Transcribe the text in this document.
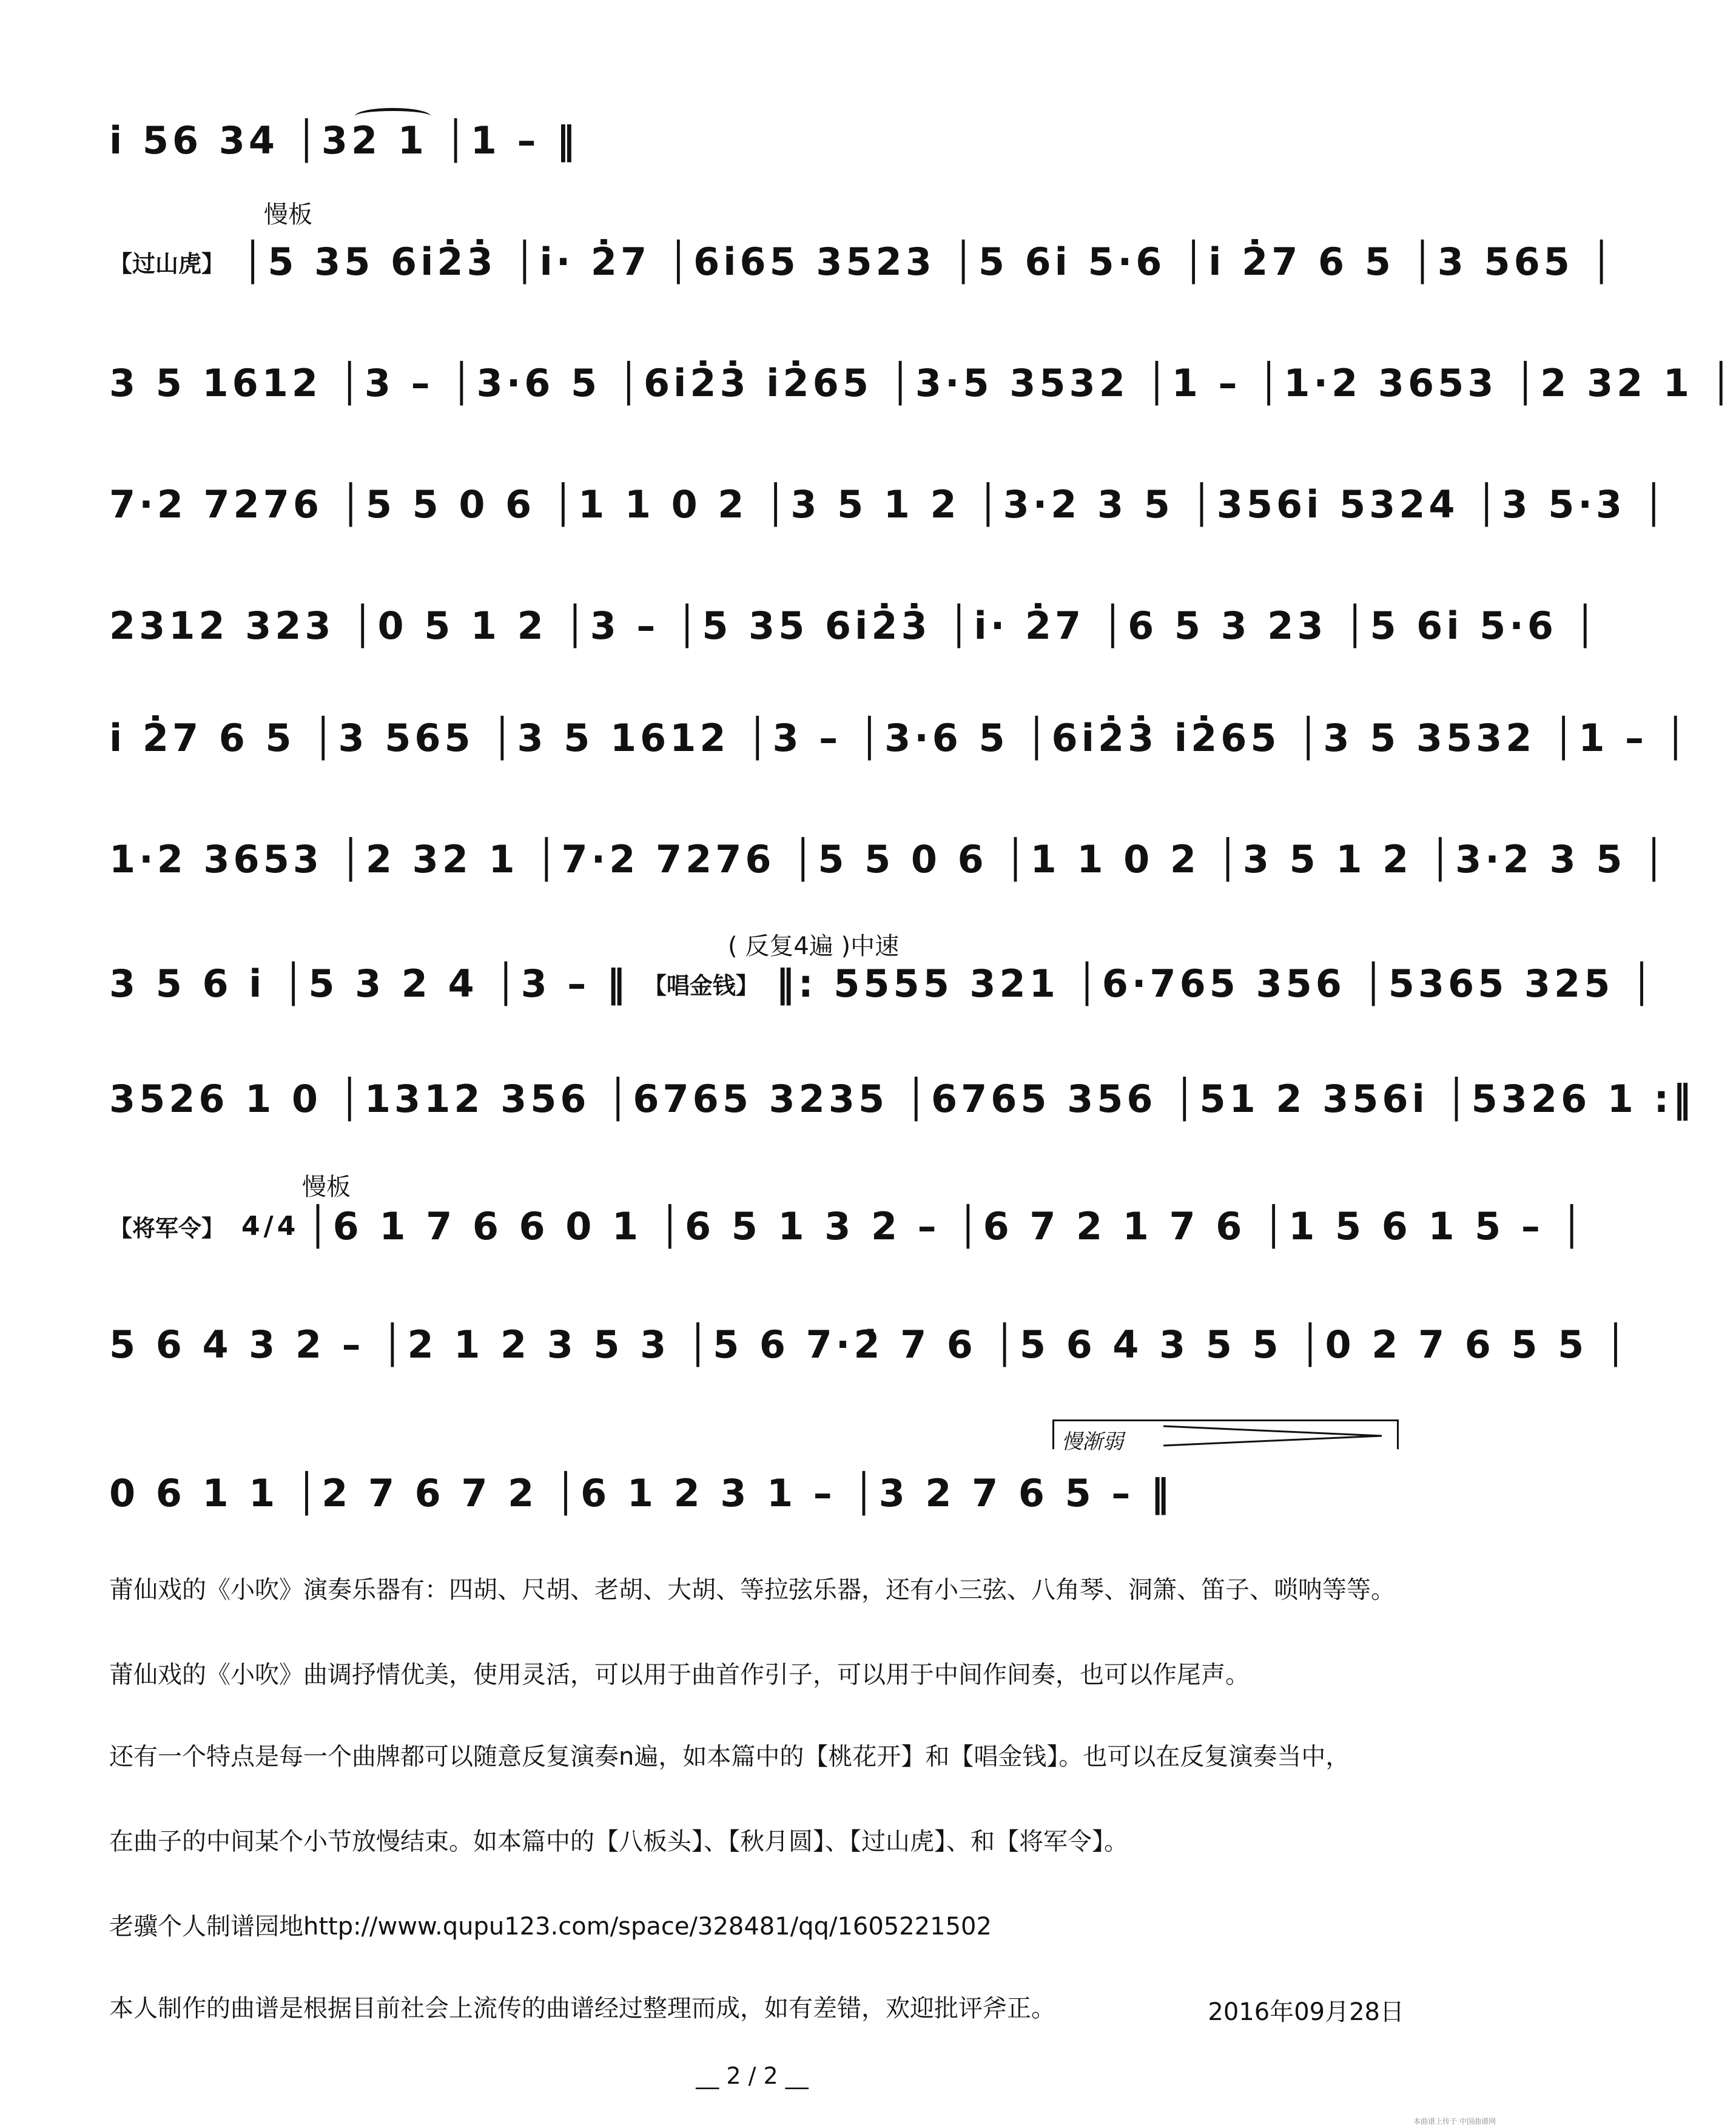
i 56 34 │32 1 │1 – ‖
慢板
【过山虎】 │5 35 6i2̇3̇ │i· 2̇7 │6i65 3523 │5 6i 5·6 │i 2̇7 6 5 │3 565 │
3 5 1612 │3 – │3·6 5 │6i2̇3̇ i2̇65 │3·5 3532 │1 – │1·2 3653 │2 32 1 │
7·2 7276 │5 5 0 6 │1 1 0 2 │3 5 1 2 │3·2 3 5 │356i 5324 │3 5·3 │
2312 323 │0 5 1 2 │3 – │5 35 6i2̇3̇ │i· 2̇7 │6 5 3 23 │5 6i 5·6 │
i 2̇7 6 5 │3 565 │3 5 1612 │3 – │3·6 5 │6i2̇3̇ i2̇65 │3 5 3532 │1 – │
1·2 3653 │2 32 1 │7·2 7276 │5 5 0 6 │1 1 0 2 │3 5 1 2 │3·2 3 5 │
( 反复4遍 )中速
3 5 6 i │5 3 2 4 │3 – ‖ 【唱金钱】 ‖: 5555 321 │6·765 356 │5365 325 │
3526 1 0 │1312 356 │6765 3235 │6765 356 │51 2 356i │5326 1 :‖
慢板
【将军令】 4/4 │6 1 7 6 6 0 1 │6 5 1 3 2 – │6 7 2 1 7 6 │1 5 6 1 5 – │
5 6 4 3 2 – │2 1 2 3 5 3 │5 6 7·2̇ 7 6 │5 6 4 3 5 5 │0 2 7 6 5 5 │
慢渐弱
0 6 1 1 │2 7 6 7 2 │6 1 2 3 1 – │3 2 7 6 5 – ‖
莆仙戏的《小吹》演奏乐器有：四胡、尺胡、老胡、大胡、等拉弦乐器，还有小三弦、八角琴、洞箫、笛子、唢呐等等。
莆仙戏的《小吹》曲调抒情优美，使用灵活，可以用于曲首作引子，可以用于中间作间奏，也可以作尾声。
还有一个特点是每一个曲牌都可以随意反复演奏n遍，如本篇中的【桃花开】和【唱金钱】。也可以在反复演奏当中，
在曲子的中间某个小节放慢结束。如本篇中的【八板头】、【秋月圆】、【过山虎】、和【将军令】。
老骥个人制谱园地http://www.qupu123.com/space/328481/qq/1605221502
本人制作的曲谱是根据目前社会上流传的曲谱经过整理而成，如有差错，欢迎批评斧正。	2016年09月28日
__ 2 / 2 __
本曲谱上传于 中国曲谱网
